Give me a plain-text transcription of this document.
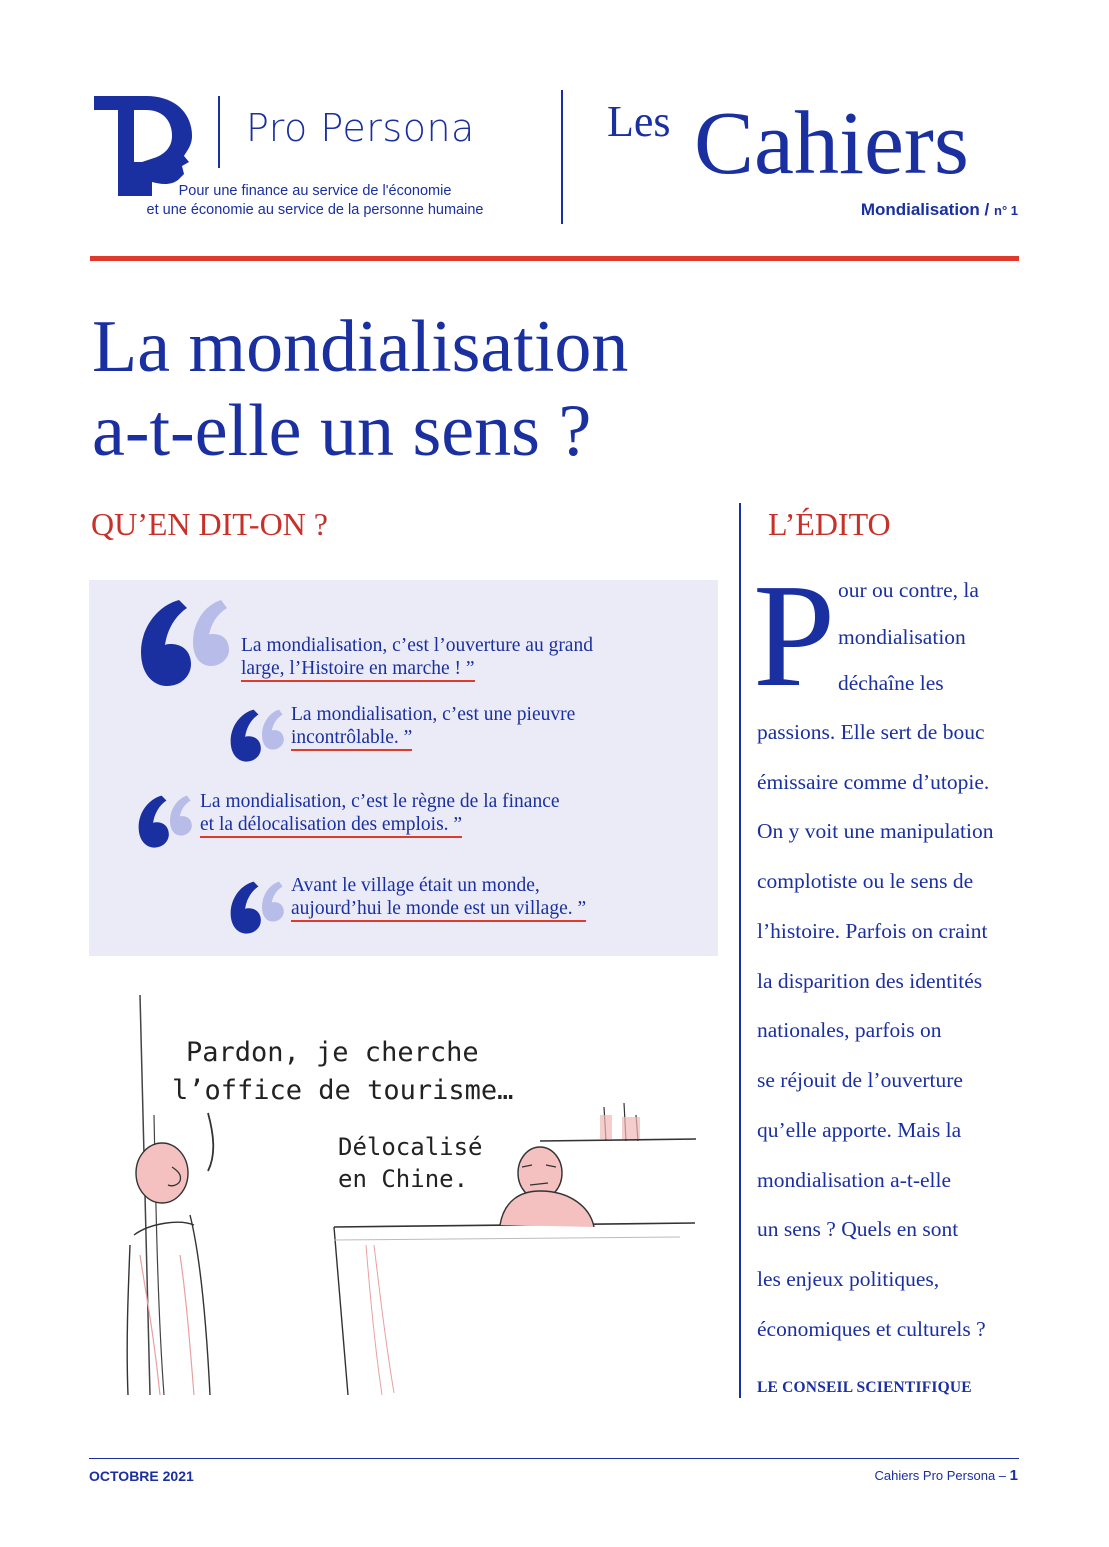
Pro Persona
Pour une finance au service de l'économie
et une économie au service de la personne humaine
Les Cahiers
Mondialisation / n° 1
La mondialisation
a-t-elle un sens ?
QU’EN DIT-ON ?
La mondialisation, c’est l’ouverture au grand
large, l’Histoire en marche ! ”
La mondialisation, c’est une pieuvre
incontrôlable. ”
La mondialisation, c’est le règne de la finance
et la délocalisation des emplois. ”
Avant le village était un monde,
aujourd’hui le monde est un village. ”
Pardon, je cherche
l’office de tourisme…
Délocalisé
en Chine.
L’ÉDITO
P our ou contre, la
mondialisation
déchaîne les
passions. Elle sert de bouc
émissaire comme d’utopie.
On y voit une manipulation
complotiste ou le sens de
l’histoire. Parfois on craint
la disparition des identités
nationales, parfois on
se réjouit de l’ouverture
qu’elle apporte. Mais la
mondialisation a-t-elle
un sens ? Quels en sont
les enjeux politiques,
économiques et culturels ?
LE CONSEIL SCIENTIFIQUE
OCTOBRE 2021	Cahiers Pro Persona – 1
